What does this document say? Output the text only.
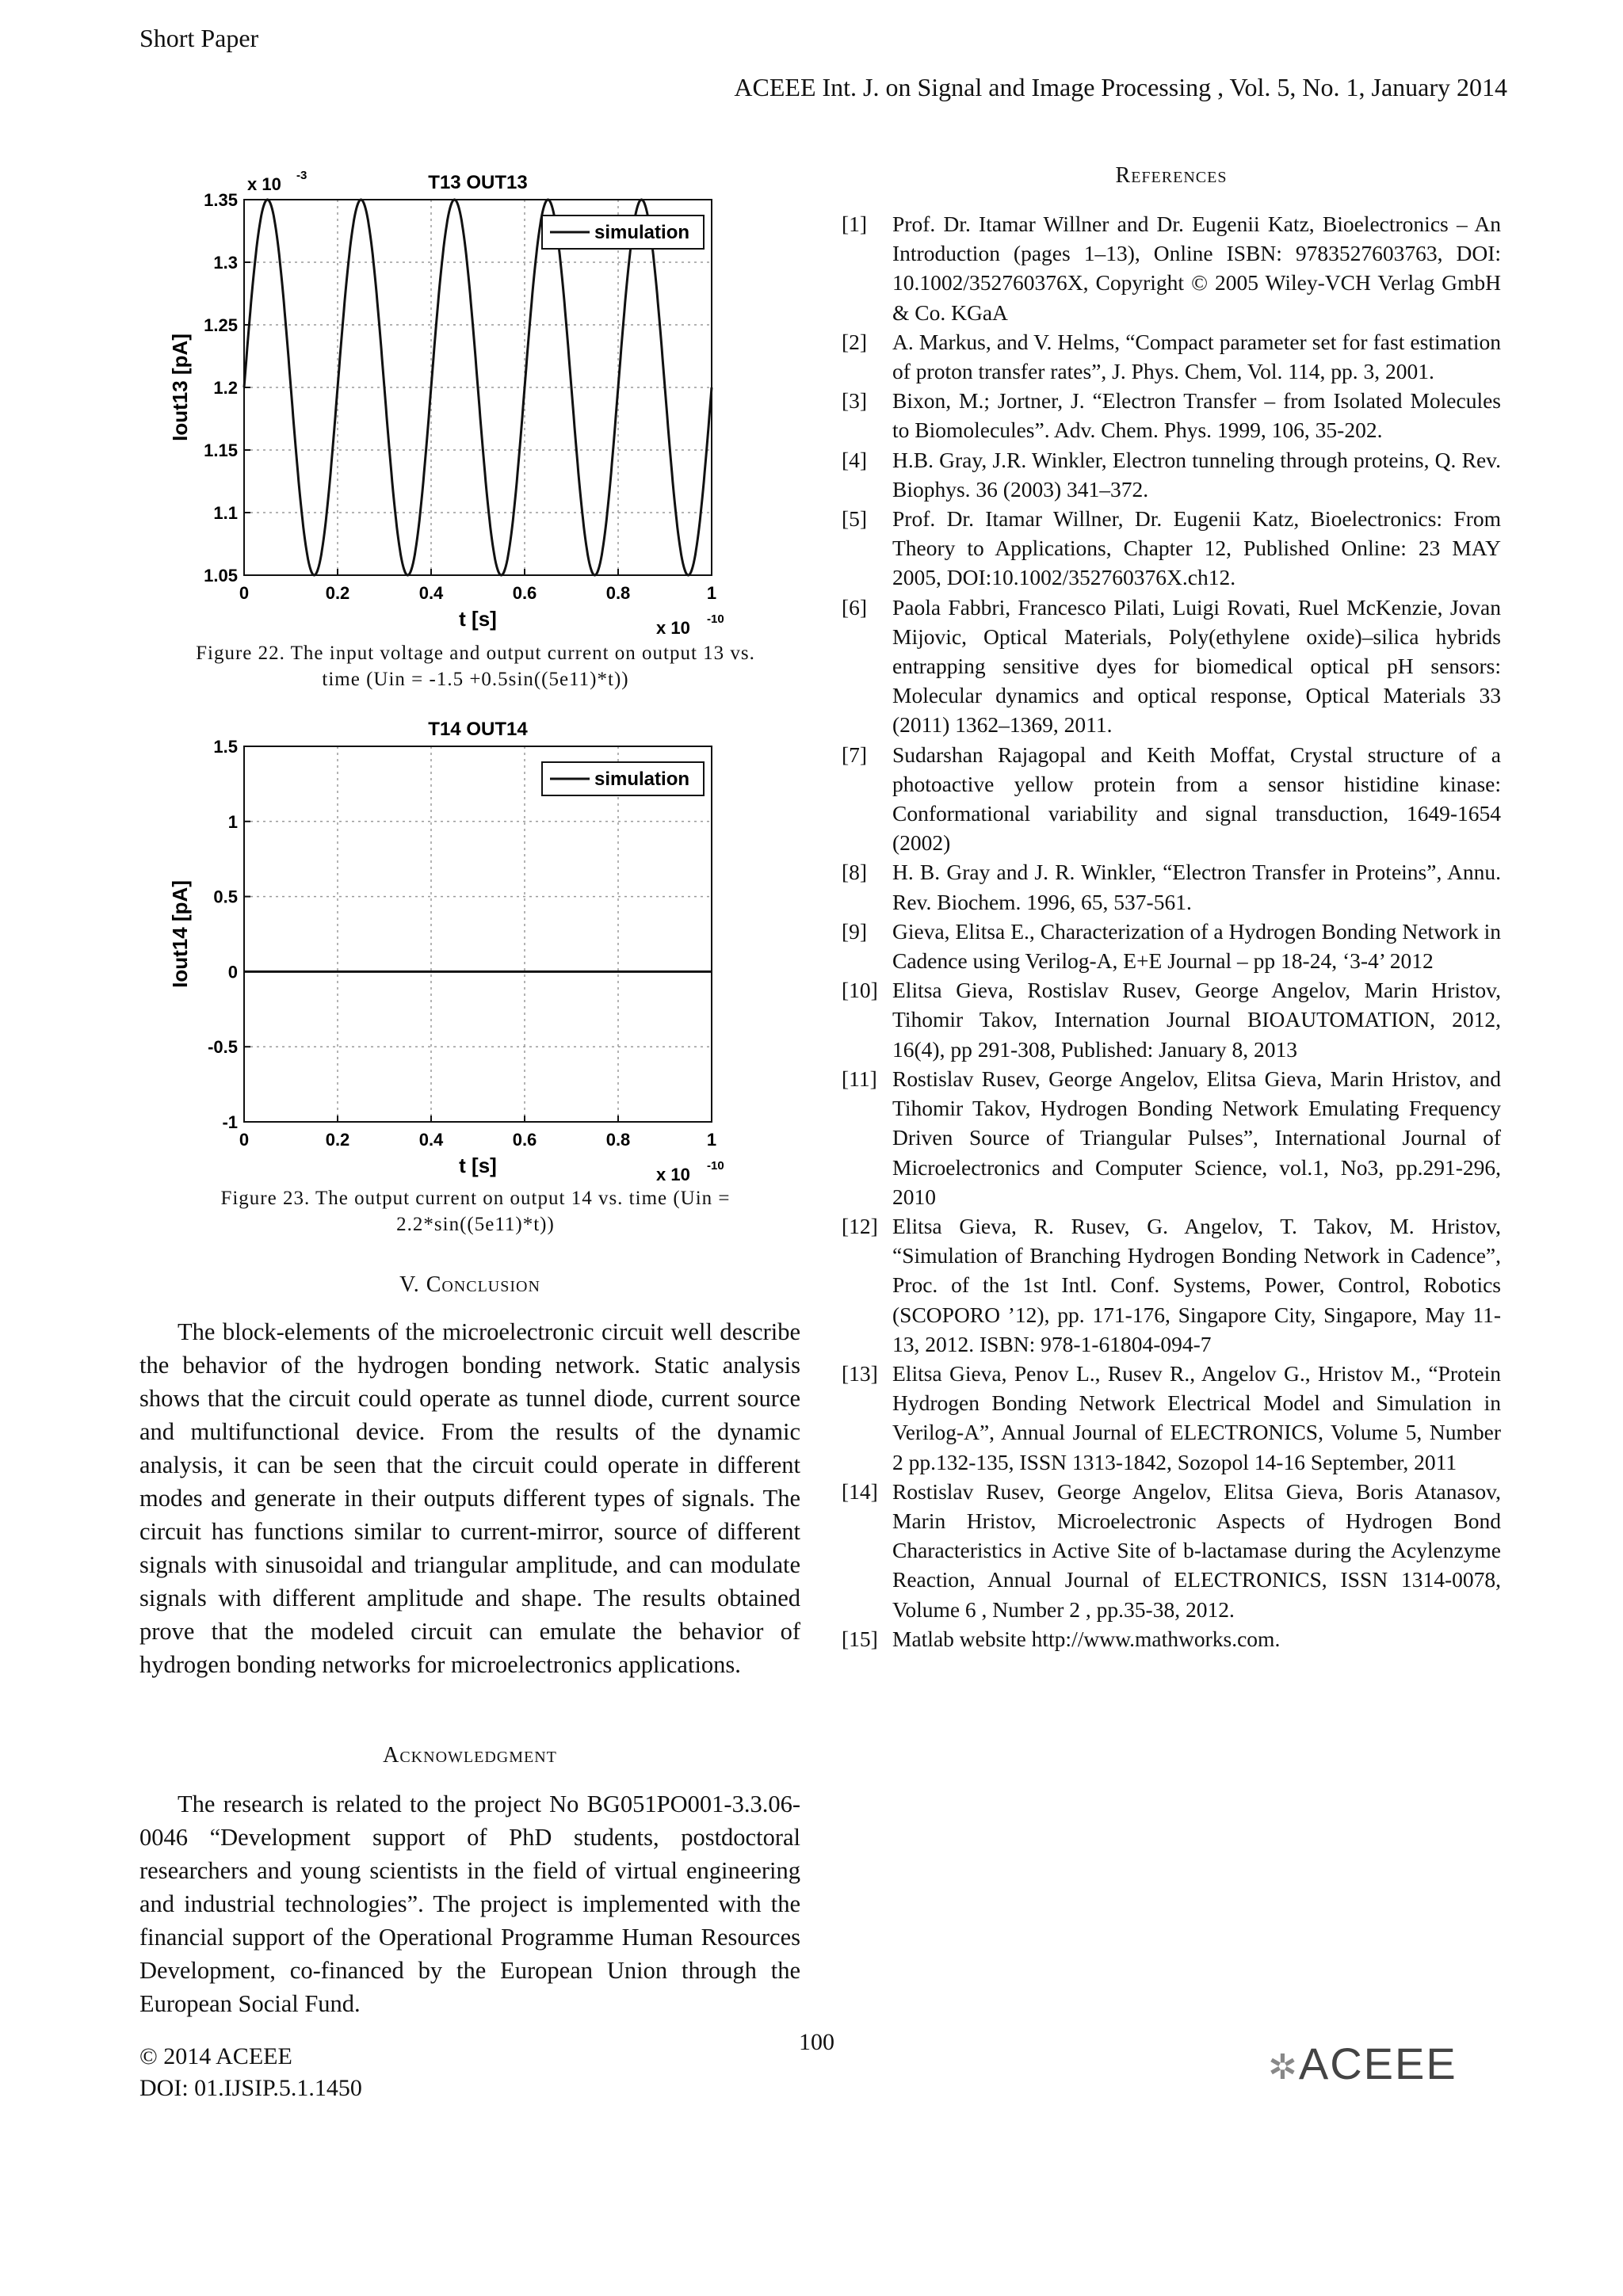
Short Paper
ACEEE Int. J. on Signal and Image Processing , Vol. 5, No. 1, January 2014
T13 OUT13
0	0.2	0.4	0.6	0.8	1
1.05
1.1
1.15
1.2
1.25
1.3
1.35
simulation
t [s]
Iout13 [pA]
x 10 -10
x 10 -3
Figure 22. The input voltage and output current on output 13 vs.
time (Uin = -1.5 +0.5sin((5e11)*t))
T14 OUT14
0	0.2	0.4	0.6	0.8	1
-1
-0.5
0
0.5
1
1.5
simulation
t [s]
Iout14 [pA]
x 10 -10
Figure 23. The output current on output 14 vs. time (Uin =
2.2*sin((5e11)*t))
V. Conclusion

The block-elements of the microelectronic circuit well describe the behavior of the hydrogen bonding network. Static analysis shows that the circuit could operate as tunnel diode, current source and multifunctional device. From the results of the dynamic analysis, it can be seen that the circuit could operate in different modes and generate in their outputs different types of signals. The circuit has functions similar to current-mirror, source of different signals with sinusoidal and triangular amplitude, and can modulate signals with different amplitude and shape. The results obtained prove that the modeled circuit can emulate the behavior of hydrogen bonding networks for microelectronics applications.

Acknowledgment

The research is related to the project No BG051PO001-3.3.06-0046 “Development support of PhD students, postdoctoral researchers and young scientists in the field of virtual engineering and industrial technologies”. The project is implemented with the financial support of the Operational Programme Human Resources Development, co-financed by the European Union through the European Social Fund.

References
[1]	Prof. Dr. Itamar Willner and Dr. Eugenii Katz, Bioelectronics – An Introduction (pages 1–13), Online ISBN: 9783527603763, DOI: 10.1002/352760376X, Copyright © 2005 Wiley-VCH Verlag GmbH & Co. KGaA
[2]	A. Markus, and V. Helms, “Compact parameter set for fast estimation of proton transfer rates”, J. Phys. Chem, Vol. 114, pp. 3, 2001.
[3]	Bixon, M.; Jortner, J. “Electron Transfer – from Isolated Molecules to Biomolecules”. Adv. Chem. Phys. 1999, 106, 35-202.
[4]	H.B. Gray, J.R. Winkler, Electron tunneling through proteins, Q. Rev. Biophys. 36 (2003) 341–372.
[5]	Prof. Dr. Itamar Willner, Dr. Eugenii Katz, Bioelectronics: From Theory to Applications, Chapter 12, Published Online: 23 MAY 2005, DOI:10.1002/352760376X.ch12.
[6]	Paola Fabbri, Francesco Pilati, Luigi Rovati, Ruel McKenzie, Jovan Mijovic, Optical Materials, Poly(ethylene oxide)–silica hybrids entrapping sensitive dyes for biomedical optical pH sensors: Molecular dynamics and optical response, Optical Materials 33 (2011) 1362–1369, 2011.
[7]	Sudarshan Rajagopal and Keith Moffat, Crystal structure of a photoactive yellow protein from a sensor histidine kinase: Conformational variability and signal transduction, 1649-1654 (2002)
[8]	H. B. Gray and J. R. Winkler, “Electron Transfer in Proteins”, Annu. Rev. Biochem. 1996, 65, 537-561.
[9]	Gieva, Elitsa E., Characterization of a Hydrogen Bonding Network in Cadence using Verilog-A, E+E Journal – pp 18-24, ‘3-4’ 2012
[10] Elitsa Gieva, Rostislav Rusev, George Angelov, Marin Hristov, Tihomir Takov, Internation Journal BIOAUTOMATION, 2012, 16(4), pp 291-308, Published: January 8, 2013
[11] Rostislav Rusev, George Angelov, Elitsa Gieva, Marin Hristov, and Tihomir Takov, Hydrogen Bonding Network Emulating Frequency Driven Source of Triangular Pulses”, International Journal of Microelectronics and Computer Science, vol.1, No3, pp.291-296, 2010
[12] Elitsa Gieva, R. Rusev, G. Angelov, T. Takov, M. Hristov, “Simulation of Branching Hydrogen Bonding Network in Cadence”, Proc. of the 1st Intl. Conf. Systems, Power, Control, Robotics (SCOPORO ’12), pp. 171-176, Singapore City, Singapore, May 11-13, 2012. ISBN: 978-1-61804-094-7
[13] Elitsa Gieva, Penov L., Rusev R., Angelov G., Hristov M., “Protein Hydrogen Bonding Network Electrical Model and Simulation in Verilog-A”, Annual Journal of ELECTRONICS, Volume 5, Number 2 pp.132-135, ISSN 1313-1842, Sozopol 14-16 September, 2011
[14] Rostislav Rusev, George Angelov, Elitsa Gieva, Boris Atanasov, Marin Hristov, Microelectronic Aspects of Hydrogen Bond Characteristics in Active Site of b-lactamase during the Acylenzyme Reaction, Annual Journal of ELECTRONICS, ISSN 1314-0078, Volume 6 , Number 2 , pp.35-38, 2012.
[15] Matlab website http://www.mathworks.com.
© 2014 ACEEE
DOI: 01.IJSIP.5.1.1450
100
✲ACEEE
